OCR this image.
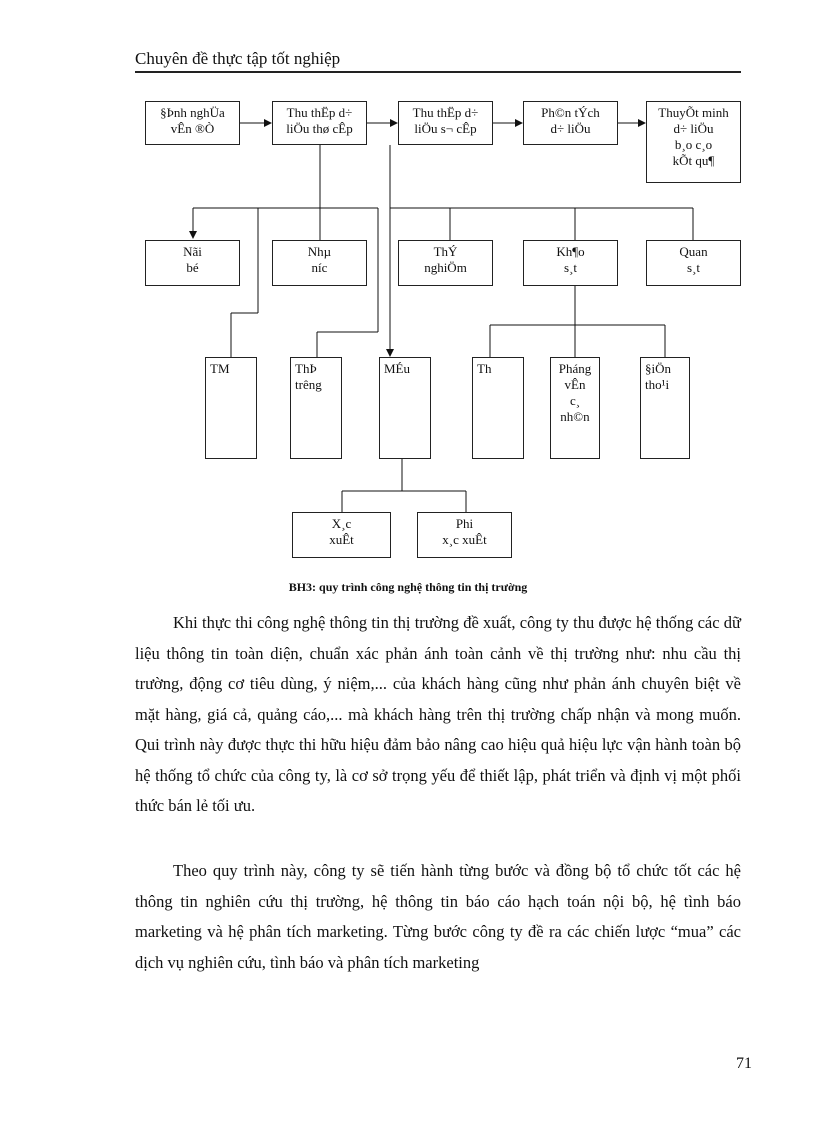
Chuyên đề thực tập tốt nghiệp
§Þnh nghÜa
vÊn ®Ò
Thu thËp d÷
liÖu thø cÊp
Thu thËp d÷
liÖu s¬ cÊp
Ph©n tÝch
d÷ liÖu
ThuyÕt minh
d÷ liÖu
b¸o c¸o
kÕt qu¶
Nãi
bé
Nhµ
níc
ThÝ
nghiÖm
Kh¶o
s¸t
Quan
s¸t
TM	ThÞ
trêng
MÉu	Th	Pháng
vÊn
c¸
nh©n
§iÖn
tho¹i
X¸c
xuÊt
Phi
x¸c xuÊt
BH3: quy trình công nghệ thông tin thị trường

Khi thực thi công nghệ thông tin thị trường đề xuất, công ty thu được hệ thống các dữ liệu thông tin toàn diện, chuẩn xác phản ánh toàn cảnh về thị trường như: nhu cầu thị trường, động cơ tiêu dùng, ý niệm,... của khách hàng cũng như phản ánh chuyên biệt về mặt hàng, giá cả, quảng cáo,... mà khách hàng trên thị trường chấp nhận và mong muốn. Qui trình này được thực thi hữu hiệu đảm bảo nâng cao hiệu quả hiệu lực vận hành toàn bộ hệ thống tổ chức của công ty, là cơ sở trọng yếu để thiết lập, phát triển và định vị một phối thức bán lẻ tối ưu.

Theo quy trình này, công ty sẽ tiến hành từng bước và đồng bộ tổ chức tốt các hệ thông tin nghiên cứu thị trường, hệ thông tin báo cáo hạch toán nội bộ, hệ tình báo marketing và hệ phân tích marketing. Từng bước công ty đề ra các chiến lược “mua” các dịch vụ nghiên cứu, tình báo và phân tích marketing

71
